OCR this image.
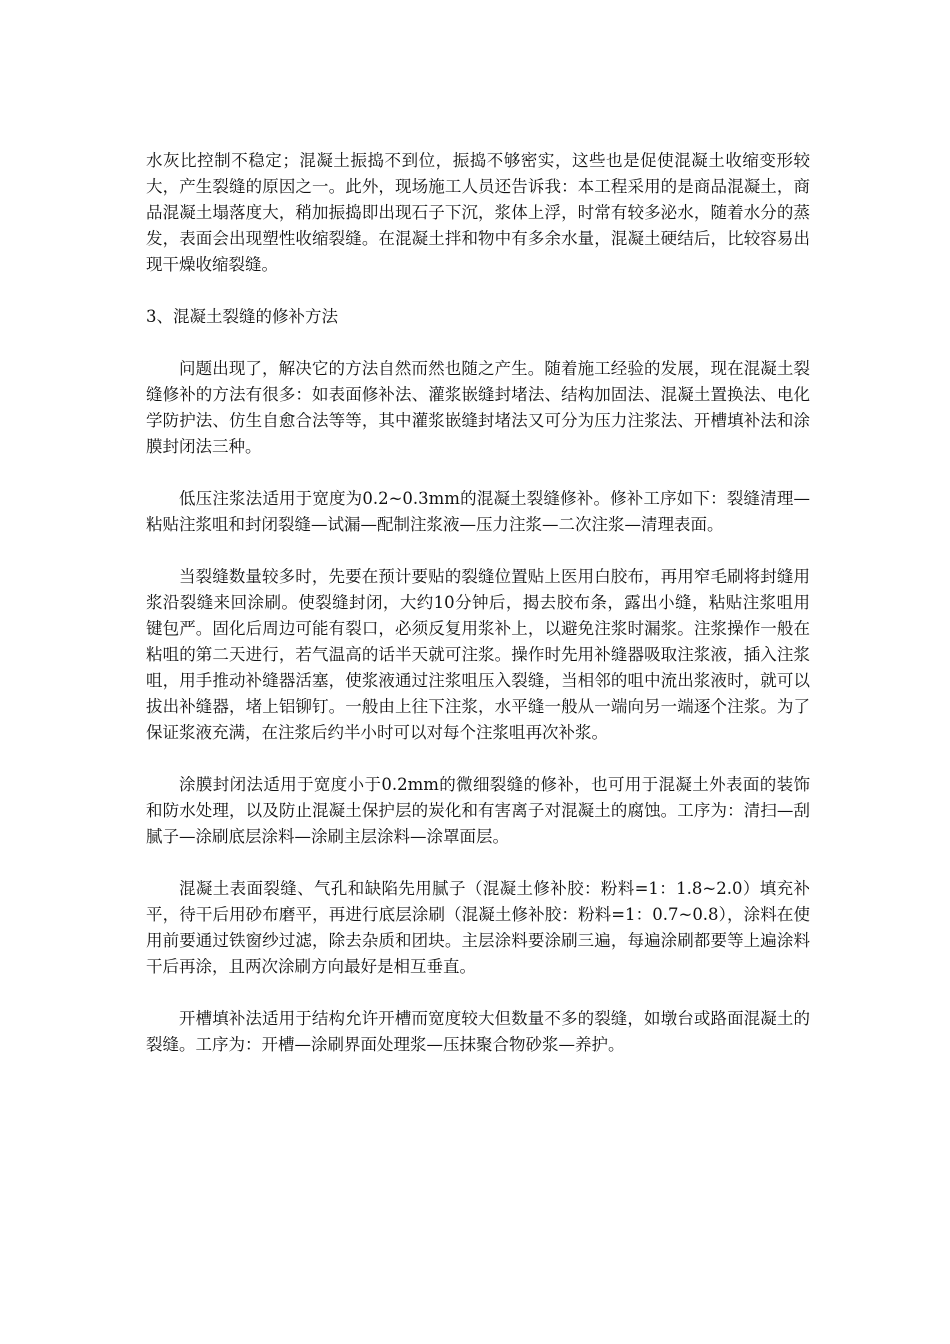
水灰比控制不稳定；混凝土振捣不到位，振捣不够密实，这些也是促使混凝土收缩变形较大，产生裂缝的原因之一。此外，现场施工人员还告诉我：本工程采用的是商品混凝土，商品混凝土塌落度大，稍加振捣即出现石子下沉，浆体上浮，时常有较多泌水，随着水分的蒸发，表面会出现塑性收缩裂缝。在混凝土拌和物中有多余水量，混凝土硬结后，比较容易出现干燥收缩裂缝。

3、混凝土裂缝的修补方法

问题出现了，解决它的方法自然而然也随之产生。随着施工经验的发展，现在混凝土裂缝修补的方法有很多：如表面修补法、灌浆嵌缝封堵法、结构加固法、混凝土置换法、电化学防护法、仿生自愈合法等等，其中灌浆嵌缝封堵法又可分为压力注浆法、开槽填补法和涂膜封闭法三种。

低压注浆法适用于宽度为0.2~0.3mm的混凝土裂缝修补。修补工序如下：裂缝清理—粘贴注浆咀和封闭裂缝—试漏—配制注浆液—压力注浆—二次注浆—清理表面。

当裂缝数量较多时，先要在预计要贴的裂缝位置贴上医用白胶布，再用窄毛刷将封缝用浆沿裂缝来回涂刷。使裂缝封闭，大约10分钟后，揭去胶布条，露出小缝，粘贴注浆咀用键包严。固化后周边可能有裂口，必须反复用浆补上，以避免注浆时漏浆。注浆操作一般在粘咀的第二天进行，若气温高的话半天就可注浆。操作时先用补缝器吸取注浆液，插入注浆咀，用手推动补缝器活塞，使浆液通过注浆咀压入裂缝，当相邻的咀中流出浆液时，就可以拔出补缝器，堵上铝铆钉。一般由上往下注浆，水平缝一般从一端向另一端逐个注浆。为了保证浆液充满，在注浆后约半小时可以对每个注浆咀再次补浆。

涂膜封闭法适用于宽度小于0.2mm的微细裂缝的修补，也可用于混凝土外表面的装饰和防水处理，以及防止混凝土保护层的炭化和有害离子对混凝土的腐蚀。工序为：清扫—刮腻子—涂刷底层涂料—涂刷主层涂料—涂罩面层。

混凝土表面裂缝、气孔和缺陷先用腻子（混凝土修补胶：粉料=1：1.8~2.0）填充补平，待干后用砂布磨平，再进行底层涂刷（混凝土修补胶：粉料=1：0.7~0.8），涂料在使用前要通过铁窗纱过滤，除去杂质和团块。主层涂料要涂刷三遍，每遍涂刷都要等上遍涂料干后再涂，且两次涂刷方向最好是相互垂直。

开槽填补法适用于结构允许开槽而宽度较大但数量不多的裂缝，如墩台或路面混凝土的裂缝。工序为：开槽—涂刷界面处理浆—压抹聚合物砂浆—养护。
